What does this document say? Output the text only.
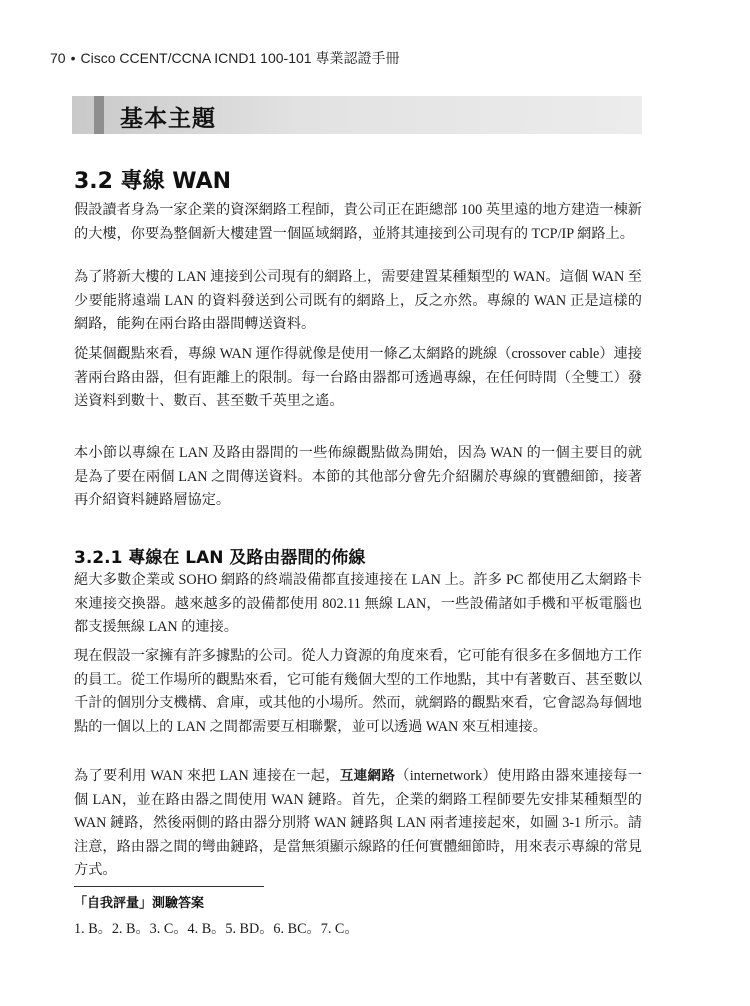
70 • Cisco CCENT/CCNA ICND1 100-101 專業認證手冊
基本主題
3.2 專線 WAN

假設讀者身為一家企業的資深網路工程師，貴公司正在距總部 100 英里遠的地方建造一棟新的大樓，你要為整個新大樓建置一個區域網路，並將其連接到公司現有的 TCP/IP 網路上。

為了將新大樓的 LAN 連接到公司現有的網路上，需要建置某種類型的 WAN。這個 WAN 至少要能將遠端 LAN 的資料發送到公司既有的網路上，反之亦然。專線的 WAN 正是這樣的網路，能夠在兩台路由器間轉送資料。

從某個觀點來看，專線 WAN 運作得就像是使用一條乙太網路的跳線（crossover cable）連接著兩台路由器，但有距離上的限制。每一台路由器都可透過專線，在任何時間（全雙工）發送資料到數十、數百、甚至數千英里之遙。

本小節以專線在 LAN 及路由器間的一些佈線觀點做為開始，因為 WAN 的一個主要目的就是為了要在兩個 LAN 之間傳送資料。本節的其他部分會先介紹關於專線的實體細節，接著再介紹資料鏈路層協定。

3.2.1 專線在 LAN 及路由器間的佈線

絕大多數企業或 SOHO 網路的終端設備都直接連接在 LAN 上。許多 PC 都使用乙太網路卡來連接交換器。越來越多的設備都使用 802.11 無線 LAN，一些設備諸如手機和平板電腦也都支援無線 LAN 的連接。

現在假設一家擁有許多據點的公司。從人力資源的角度來看，它可能有很多在多個地方工作的員工。從工作場所的觀點來看，它可能有幾個大型的工作地點，其中有著數百、甚至數以千計的個別分支機構、倉庫，或其他的小場所。然而，就網路的觀點來看，它會認為每個地點的一個以上的 LAN 之間都需要互相聯繫，並可以透過 WAN 來互相連接。

為了要利用 WAN 來把 LAN 連接在一起，互連網路（internetwork）使用路由器來連接每一個 LAN，並在路由器之間使用 WAN 鏈路。首先，企業的網路工程師要先安排某種類型的 WAN 鏈路，然後兩側的路由器分別將 WAN 鏈路與 LAN 兩者連接起來，如圖 3-1 所示。請注意，路由器之間的彎曲鏈路，是當無須顯示線路的任何實體細節時，用來表示專線的常見方式。

「自我評量」測驗答案
1. B。2. B。3. C。4. B。5. BD。6. BC。7. C。
